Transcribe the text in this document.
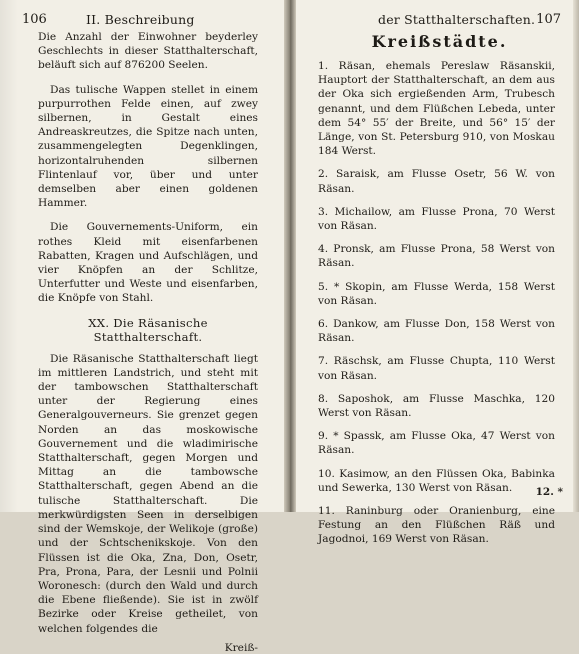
106	II. Beschreibung

Die Anzahl der Einwohner beyderley Geschlechts in dieser Statthalterschaft, beläuft sich auf 876200 Seelen.

Das tulische Wappen stellet in einem purpurrothen Felde einen, auf zwey silbernen, in Gestalt eines Andreaskreutzes, die Spitze nach unten, zusammengelegten Degenklingen, horizontalruhenden silbernen Flintenlauf vor, über und unter demselben aber einen goldenen Hammer.

Die Gouvernements-Uniform, ein rothes Kleid mit eisenfarbenen Rabatten, Kragen und Aufschlägen, und vier Knöpfen an der Schlitze, Unterfutter und Weste und eisenfarben, die Knöpfe von Stahl.

XX. Die Räsanische Statthalterschaft.

Die Räsanische Statthalterschaft liegt im mittleren Landstrich, und steht mit der tambowschen Statthalterschaft unter der Regierung eines Generalgouverneurs. Sie grenzet gegen Norden an das moskowische Gouvernement und die wladimirische Statthalterschaft, gegen Morgen und Mittag an die tambowsche Statthalterschaft, gegen Abend an die tulische Statthalterschaft. Die merkwürdigsten Seen in derselbigen sind der Wemskoje, der Welikoje (große) und der Schtschenikskoje. Von den Flüssen ist die Oka, Zna, Don, Osetr, Pra, Prona, Para, der Lesnii und Polnii Woronesch: (durch den Wald und durch die Ebene fließende). Sie ist in zwölf Bezirke oder Kreise getheilet, von welchen folgendes die

Kreiß-
der Statthalterschaften. 107
Kreißstädte.

1. Räsan, ehemals Pereslaw Räsanskii, Hauptort der Statthalterschaft, an dem aus der Oka sich ergießenden Arm, Trubesch genannt, und dem Flüßchen Lebeda, unter dem 54° 55′ der Breite, und 56° 15′ der Länge, von St. Petersburg 910, von Moskau 184 Werst.

2. Saraisk, am Flusse Osetr, 56 W. von Räsan.

3. Michailow, am Flusse Prona, 70 Werst von Räsan.

4. Pronsk, am Flusse Prona, 58 Werst von Räsan.

5. * Skopin, am Flusse Werda, 158 Werst von Räsan.

6. Dankow, am Flusse Don, 158 Werst von Räsan.

7. Räschsk, am Flusse Chupta, 110 Werst von Räsan.

8. Saposhok, am Flusse Maschka, 120 Werst von Räsan.

9. * Spassk, am Flusse Oka, 47 Werst von Räsan.

10. Kasimow, an den Flüssen Oka, Babinka und Sewerka, 130 Werst von Räsan.

11. Raninburg oder Oranienburg, eine Festung an den Flüßchen Räß und Jagodnoi, 169 Werst von Räsan.

12. *
